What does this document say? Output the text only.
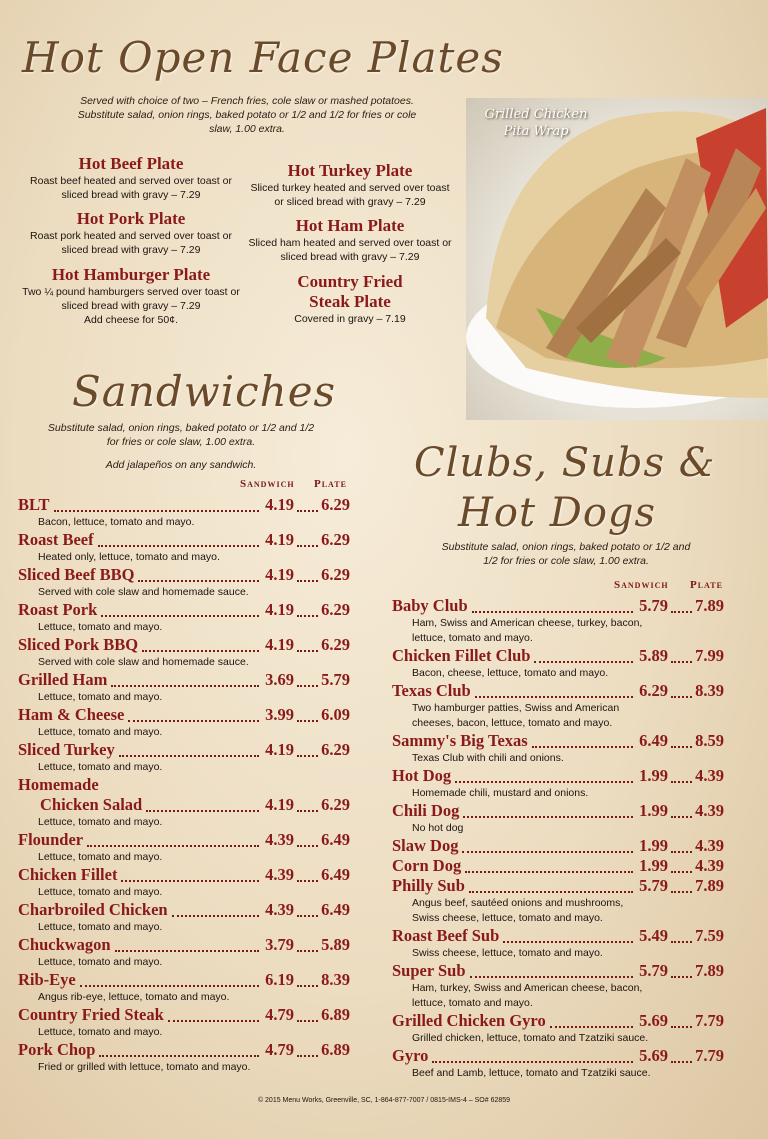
Hot Open Face Plates
Served with choice of two – French fries, cole slaw or mashed potatoes. Substitute salad, onion rings, baked potato or 1/2 and 1/2 for fries or cole slaw, 1.00 extra.
Hot Beef Plate
Roast beef heated and served over toast or sliced bread with gravy – 7.29
Hot Pork Plate
Roast pork heated and served over toast or sliced bread with gravy – 7.29
Hot Hamburger Plate
Two ¼ pound hamburgers served over toast or sliced bread with gravy – 7.29
Add cheese for 50¢.
Hot Turkey Plate
Sliced turkey heated and served over toast or sliced bread with gravy – 7.29
Hot Ham Plate
Sliced ham heated and served over toast or sliced bread with gravy – 7.29
Country Fried Steak Plate
Covered in gravy – 7.19
Grilled Chicken Pita Wrap
Sandwiches
Substitute salad, onion rings, baked potato or 1/2 and 1/2 for fries or cole slaw, 1.00 extra.
Add jalapeños on any sandwich.
Sandwich Plate
BLT	4.19 6.29
Bacon, lettuce, tomato and mayo.
Roast Beef	4.19 6.29
Heated only, lettuce, tomato and mayo.
Sliced Beef BBQ	4.19 6.29
Served with cole slaw and homemade sauce.
Roast Pork	4.19 6.29
Lettuce, tomato and mayo.
Sliced Pork BBQ	4.19 6.29
Served with cole slaw and homemade sauce.
Grilled Ham	3.69 5.79
Lettuce, tomato and mayo.
Ham & Cheese	3.99 6.09
Lettuce, tomato and mayo.
Sliced Turkey	4.19 6.29
Lettuce, tomato and mayo.
Homemade
Chicken Salad	4.19 6.29
Lettuce, tomato and mayo.
Flounder	4.39 6.49
Lettuce, tomato and mayo.
Chicken Fillet	4.39 6.49
Lettuce, tomato and mayo.
Charbroiled Chicken	4.39 6.49
Lettuce, tomato and mayo.
Chuckwagon	3.79 5.89
Lettuce, tomato and mayo.
Rib-Eye	6.19 8.39
Angus rib-eye, lettuce, tomato and mayo.
Country Fried Steak	4.79 6.89
Lettuce, tomato and mayo.
Pork Chop	4.79 6.89
Fried or grilled with lettuce, tomato and mayo.
Clubs, Subs &
Hot Dogs
Substitute salad, onion rings, baked potato or 1/2 and 1/2 for fries or cole slaw, 1.00 extra.
Sandwich Plate
Baby Club	5.79 7.89
Ham, Swiss and American cheese, turkey, bacon, lettuce, tomato and mayo.
Chicken Fillet Club	5.89 7.99
Bacon, cheese, lettuce, tomato and mayo.
Texas Club	6.29 8.39
Two hamburger patties, Swiss and American cheeses, bacon, lettuce, tomato and mayo.
Sammy's Big Texas	6.49 8.59
Texas Club with chili and onions.
Hot Dog	1.99 4.39
Homemade chili, mustard and onions.
Chili Dog	1.99 4.39
No hot dog
Slaw Dog	1.99 4.39
Corn Dog	1.99 4.39
Philly Sub	5.79 7.89
Angus beef, sautéed onions and mushrooms, Swiss cheese, lettuce, tomato and mayo.
Roast Beef Sub	5.49 7.59
Swiss cheese, lettuce, tomato and mayo.
Super Sub	5.79 7.89
Ham, turkey, Swiss and American cheese, bacon, lettuce, tomato and mayo.
Grilled Chicken Gyro	5.69 7.79
Grilled chicken, lettuce, tomato and Tzatziki sauce.
Gyro	5.69 7.79
Beef and Lamb, lettuce, tomato and Tzatziki sauce.
© 2015 Menu Works, Greenville, SC, 1-864-877-7007 / 0815-IMS-4 – SO# 62859
